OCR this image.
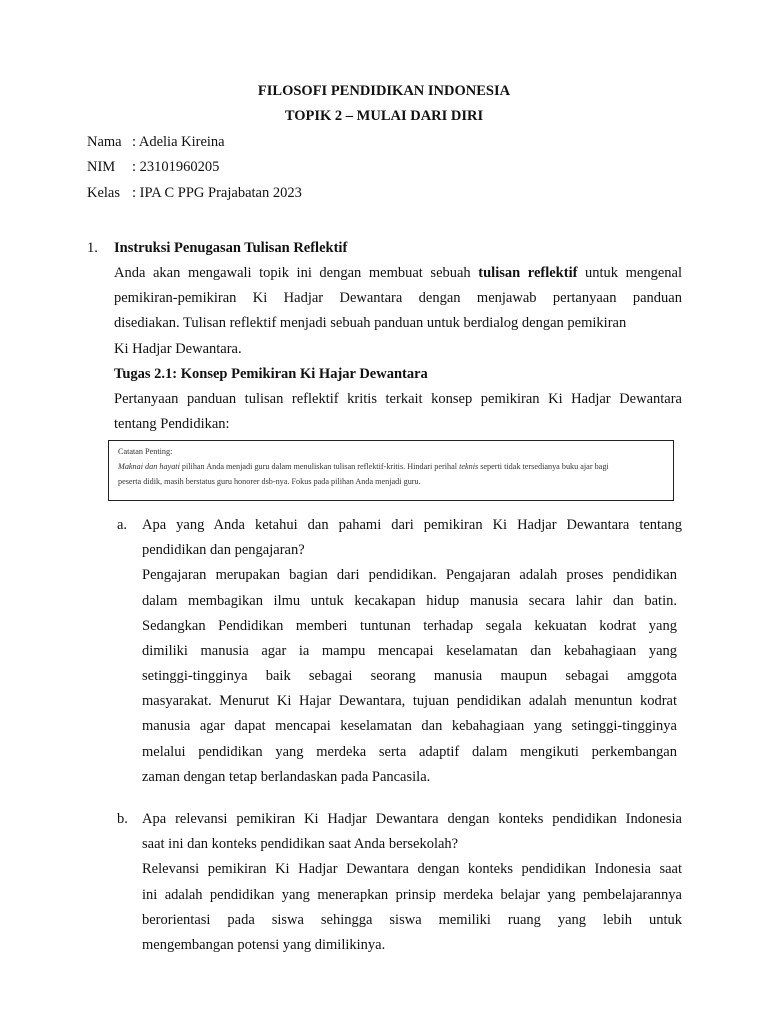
FILOSOFI PENDIDIKAN INDONESIA
TOPIK 2 – MULAI DARI DIRI
Nama : Adelia Kireina
NIM : 23101960205
Kelas : IPA C PPG Prajabatan 2023
1. Instruksi Penugasan Tulisan Reflektif
Anda akan mengawali topik ini dengan membuat sebuah tulisan reflektif untuk mengenal
pemikiran-pemikiran Ki Hadjar Dewantara dengan menjawab pertanyaan panduan
disediakan. Tulisan reflektif menjadi sebuah panduan untuk berdialog dengan pemikiran
Ki Hadjar Dewantara.
Tugas 2.1: Konsep Pemikiran Ki Hajar Dewantara
Pertanyaan panduan tulisan reflektif kritis terkait konsep pemikiran Ki Hadjar Dewantara
tentang Pendidikan:
Catatan Penting:
Maknai dan hayati pilihan Anda menjadi guru dalam menuliskan tulisan reflektif-kritis. Hindari perihal teknis seperti tidak tersedianya buku ajar bagi
peserta didik, masih berstatus guru honorer dsb-nya. Fokus pada pilihan Anda menjadi guru.
a. Apa yang Anda ketahui dan pahami dari pemikiran Ki Hadjar Dewantara tentang
pendidikan dan pengajaran?
Pengajaran merupakan bagian dari pendidikan. Pengajaran adalah proses pendidikan
dalam membagikan ilmu untuk kecakapan hidup manusia secara lahir dan batin.
Sedangkan Pendidikan memberi tuntunan terhadap segala kekuatan kodrat yang
dimiliki manusia agar ia mampu mencapai keselamatan dan kebahagiaan yang
setinggi-tingginya baik sebagai seorang manusia maupun sebagai amggota
masyarakat. Menurut Ki Hajar Dewantara, tujuan pendidikan adalah menuntun kodrat
manusia agar dapat mencapai keselamatan dan kebahagiaan yang setinggi-tingginya
melalui pendidikan yang merdeka serta adaptif dalam mengikuti perkembangan
zaman dengan tetap berlandaskan pada Pancasila.
b. Apa relevansi pemikiran Ki Hadjar Dewantara dengan konteks pendidikan Indonesia
saat ini dan konteks pendidikan saat Anda bersekolah?
Relevansi pemikiran Ki Hadjar Dewantara dengan konteks pendidikan Indonesia saat
ini adalah pendidikan yang menerapkan prinsip merdeka belajar yang pembelajarannya
berorientasi pada siswa sehingga siswa memiliki ruang yang lebih untuk
mengembangan potensi yang dimilikinya.
